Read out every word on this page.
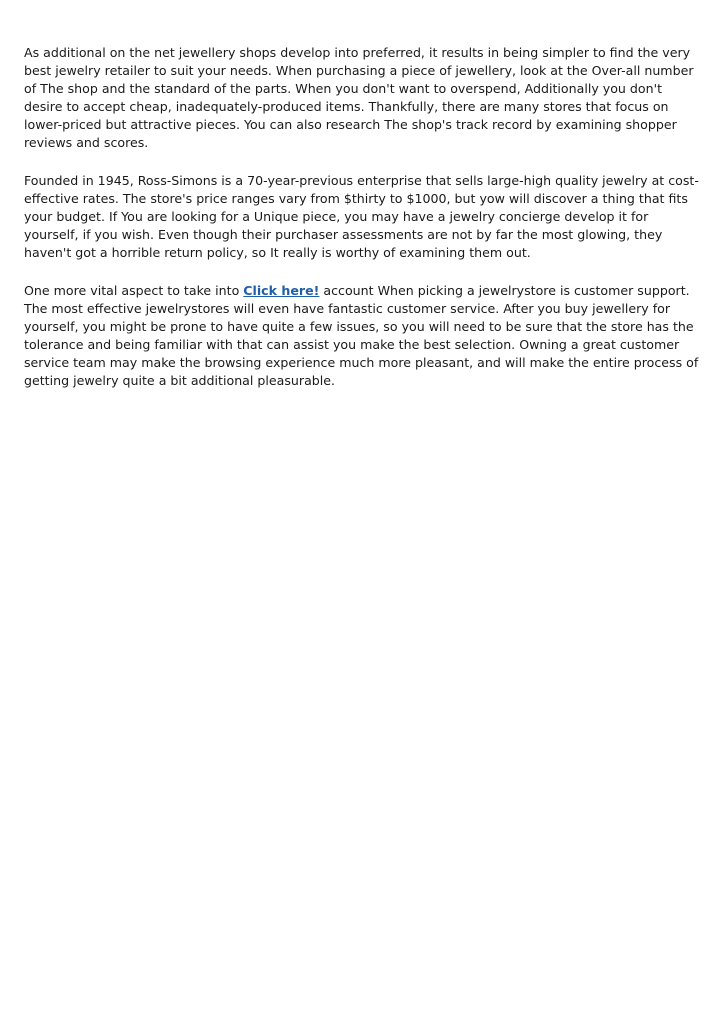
As additional on the net jewellery shops develop into preferred, it results in being simpler to find the very best jewelry retailer to suit your needs. When purchasing a piece of jewellery, look at the Over-all number of The shop and the standard of the parts. When you don't want to overspend, Additionally you don't desire to accept cheap, inadequately-produced items. Thankfully, there are many stores that focus on lower-priced but attractive pieces. You can also research The shop's track record by examining shopper reviews and scores.

Founded in 1945, Ross-Simons is a 70-year-previous enterprise that sells large-high quality jewelry at cost-effective rates. The store's price ranges vary from $thirty to $1000, but yow will discover a thing that fits your budget. If You are looking for a Unique piece, you may have a jewelry concierge develop it for yourself, if you wish. Even though their purchaser assessments are not by far the most glowing, they haven't got a horrible return policy, so It really is worthy of examining them out.

One more vital aspect to take into Click here! account When picking a jewelrystore is customer support. The most effective jewelrystores will even have fantastic customer service. After you buy jewellery for yourself, you might be prone to have quite a few issues, so you will need to be sure that the store has the tolerance and being familiar with that can assist you make the best selection. Owning a great customer service team may make the browsing experience much more pleasant, and will make the entire process of getting jewelry quite a bit additional pleasurable.
